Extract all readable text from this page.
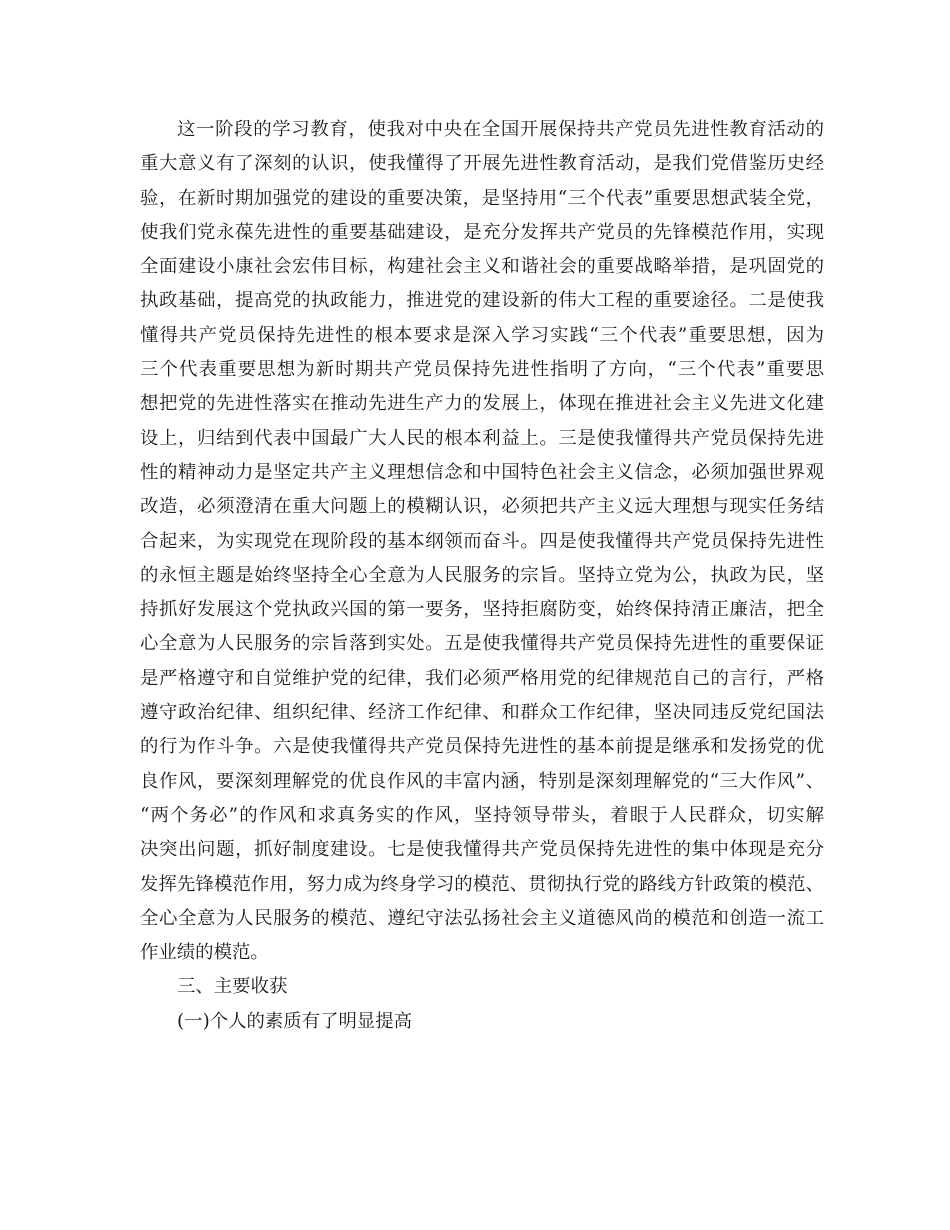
这一阶段的学习教育，使我对中央在全国开展保持共产党员先进性教育活动的
重大意义有了深刻的认识，使我懂得了开展先进性教育活动，是我们党借鉴历史经
验，在新时期加强党的建设的重要决策，是坚持用“三个代表”重要思想武装全党，
使我们党永葆先进性的重要基础建设，是充分发挥共产党员的先锋模范作用，实现
全面建设小康社会宏伟目标，构建社会主义和谐社会的重要战略举措，是巩固党的
执政基础，提高党的执政能力，推进党的建设新的伟大工程的重要途径。二是使我
懂得共产党员保持先进性的根本要求是深入学习实践“三个代表”重要思想，因为
三个代表重要思想为新时期共产党员保持先进性指明了方向，“三个代表”重要思
想把党的先进性落实在推动先进生产力的发展上，体现在推进社会主义先进文化建
设上，归结到代表中国最广大人民的根本利益上。三是使我懂得共产党员保持先进
性的精神动力是坚定共产主义理想信念和中国特色社会主义信念，必须加强世界观
改造，必须澄清在重大问题上的模糊认识，必须把共产主义远大理想与现实任务结
合起来，为实现党在现阶段的基本纲领而奋斗。四是使我懂得共产党员保持先进性
的永恒主题是始终坚持全心全意为人民服务的宗旨。坚持立党为公，执政为民，坚
持抓好发展这个党执政兴国的第一要务，坚持拒腐防变，始终保持清正廉洁，把全
心全意为人民服务的宗旨落到实处。五是使我懂得共产党员保持先进性的重要保证
是严格遵守和自觉维护党的纪律，我们必须严格用党的纪律规范自己的言行，严格
遵守政治纪律、组织纪律、经济工作纪律、和群众工作纪律，坚决同违反党纪国法
的行为作斗争。六是使我懂得共产党员保持先进性的基本前提是继承和发扬党的优
良作风，要深刻理解党的优良作风的丰富内涵，特别是深刻理解党的“三大作风”、
“两个务必”的作风和求真务实的作风，坚持领导带头，着眼于人民群众，切实解
决突出问题，抓好制度建设。七是使我懂得共产党员保持先进性的集中体现是充分
发挥先锋模范作用，努力成为终身学习的模范、贯彻执行党的路线方针政策的模范、
全心全意为人民服务的模范、遵纪守法弘扬社会主义道德风尚的模范和创造一流工
作业绩的模范。
三、主要收获
(一)个人的素质有了明显提高
